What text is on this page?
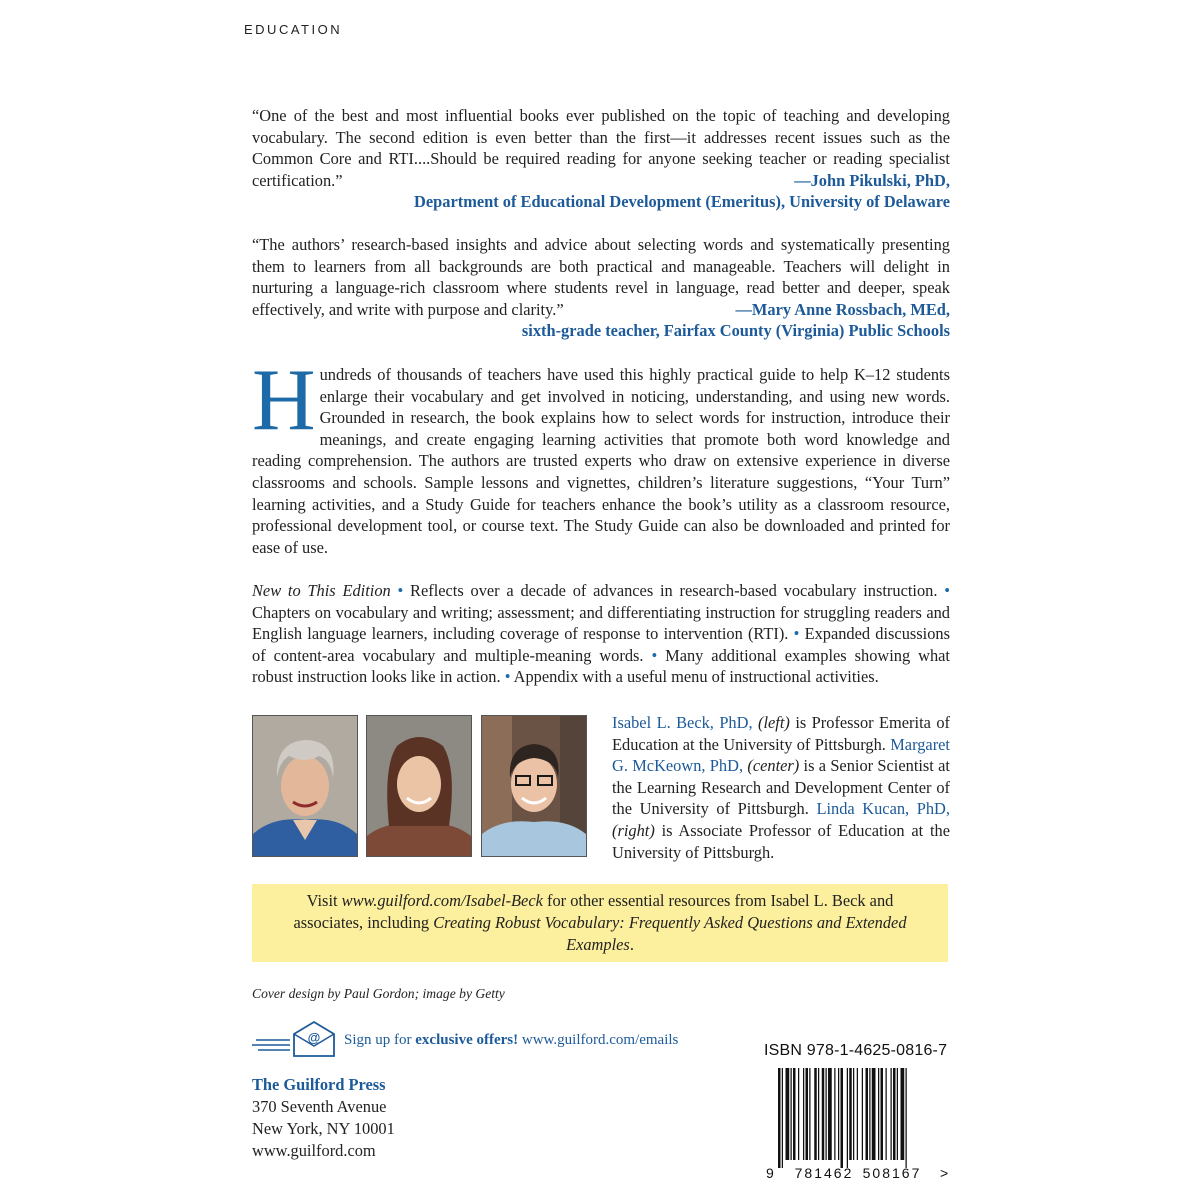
EDUCATION

“One of the best and most influential books ever published on the topic of teaching and developing vocabulary. The second edition is even better than the first—it addresses recent issues such as the Common Core and RTI....Should be required reading for anyone seeking teacher or reading specialist certification.”	—John Pikulski, PhD,

Department of Educational Development (Emeritus), University of Delaware

“The authors’ research-based insights and advice about selecting words and systematically presenting them to learners from all backgrounds are both practical and manageable. Teachers will delight in nurturing a language-rich classroom where students revel in language, read better and deeper, speak effectively, and write with purpose and clarity.”	—Mary Anne Rossbach, MEd,

sixth-grade teacher, Fairfax County (Virginia) Public Schools

Hundreds of thousands of teachers have used this highly practical guide to help K–12 students enlarge their vocabulary and get involved in noticing, understanding, and using new words. Grounded in research, the book explains how to select words for instruction, introduce their meanings, and create engaging learning activities that promote both word knowledge and reading comprehension. The authors are trusted experts who draw on extensive experience in diverse classrooms and schools. Sample lessons and vignettes, children’s literature suggestions, “Your Turn” learning activities, and a Study Guide for teachers enhance the book’s utility as a classroom resource, professional development tool, or course text. The Study Guide can also be downloaded and printed for ease of use.

New to This Edition • Reflects over a decade of advances in research-based vocabulary instruction. • Chapters on vocabulary and writing; assessment; and differentiating instruction for struggling readers and English language learners, including coverage of response to intervention (RTI). • Expanded discussions of content-area vocabulary and multiple-meaning words. • Many additional examples showing what robust instruction looks like in action. • Appendix with a useful menu of instructional activities.

Isabel L. Beck, PhD, (left) is Professor Emerita of Education at the University of Pittsburgh. Margaret G. McKeown, PhD, (center) is a Senior Scientist at the Learning Research and Development Center of the University of Pittsburgh. Linda Kucan, PhD, (right) is Associate Professor of Education at the University of Pittsburgh.

Visit www.guilford.com/Isabel-Beck for other essential resources from Isabel L. Beck and associates, including Creating Robust Vocabulary: Frequently Asked Questions and Extended Examples.
Cover design by Paul Gordon; image by Getty
@ Sign up for exclusive offers! www.guilford.com/emails
ISBN 978-1-4625-0816-7
9 781462 508167 >
The Guilford Press
370 Seventh Avenue
New York, NY 10001
www.guilford.com
